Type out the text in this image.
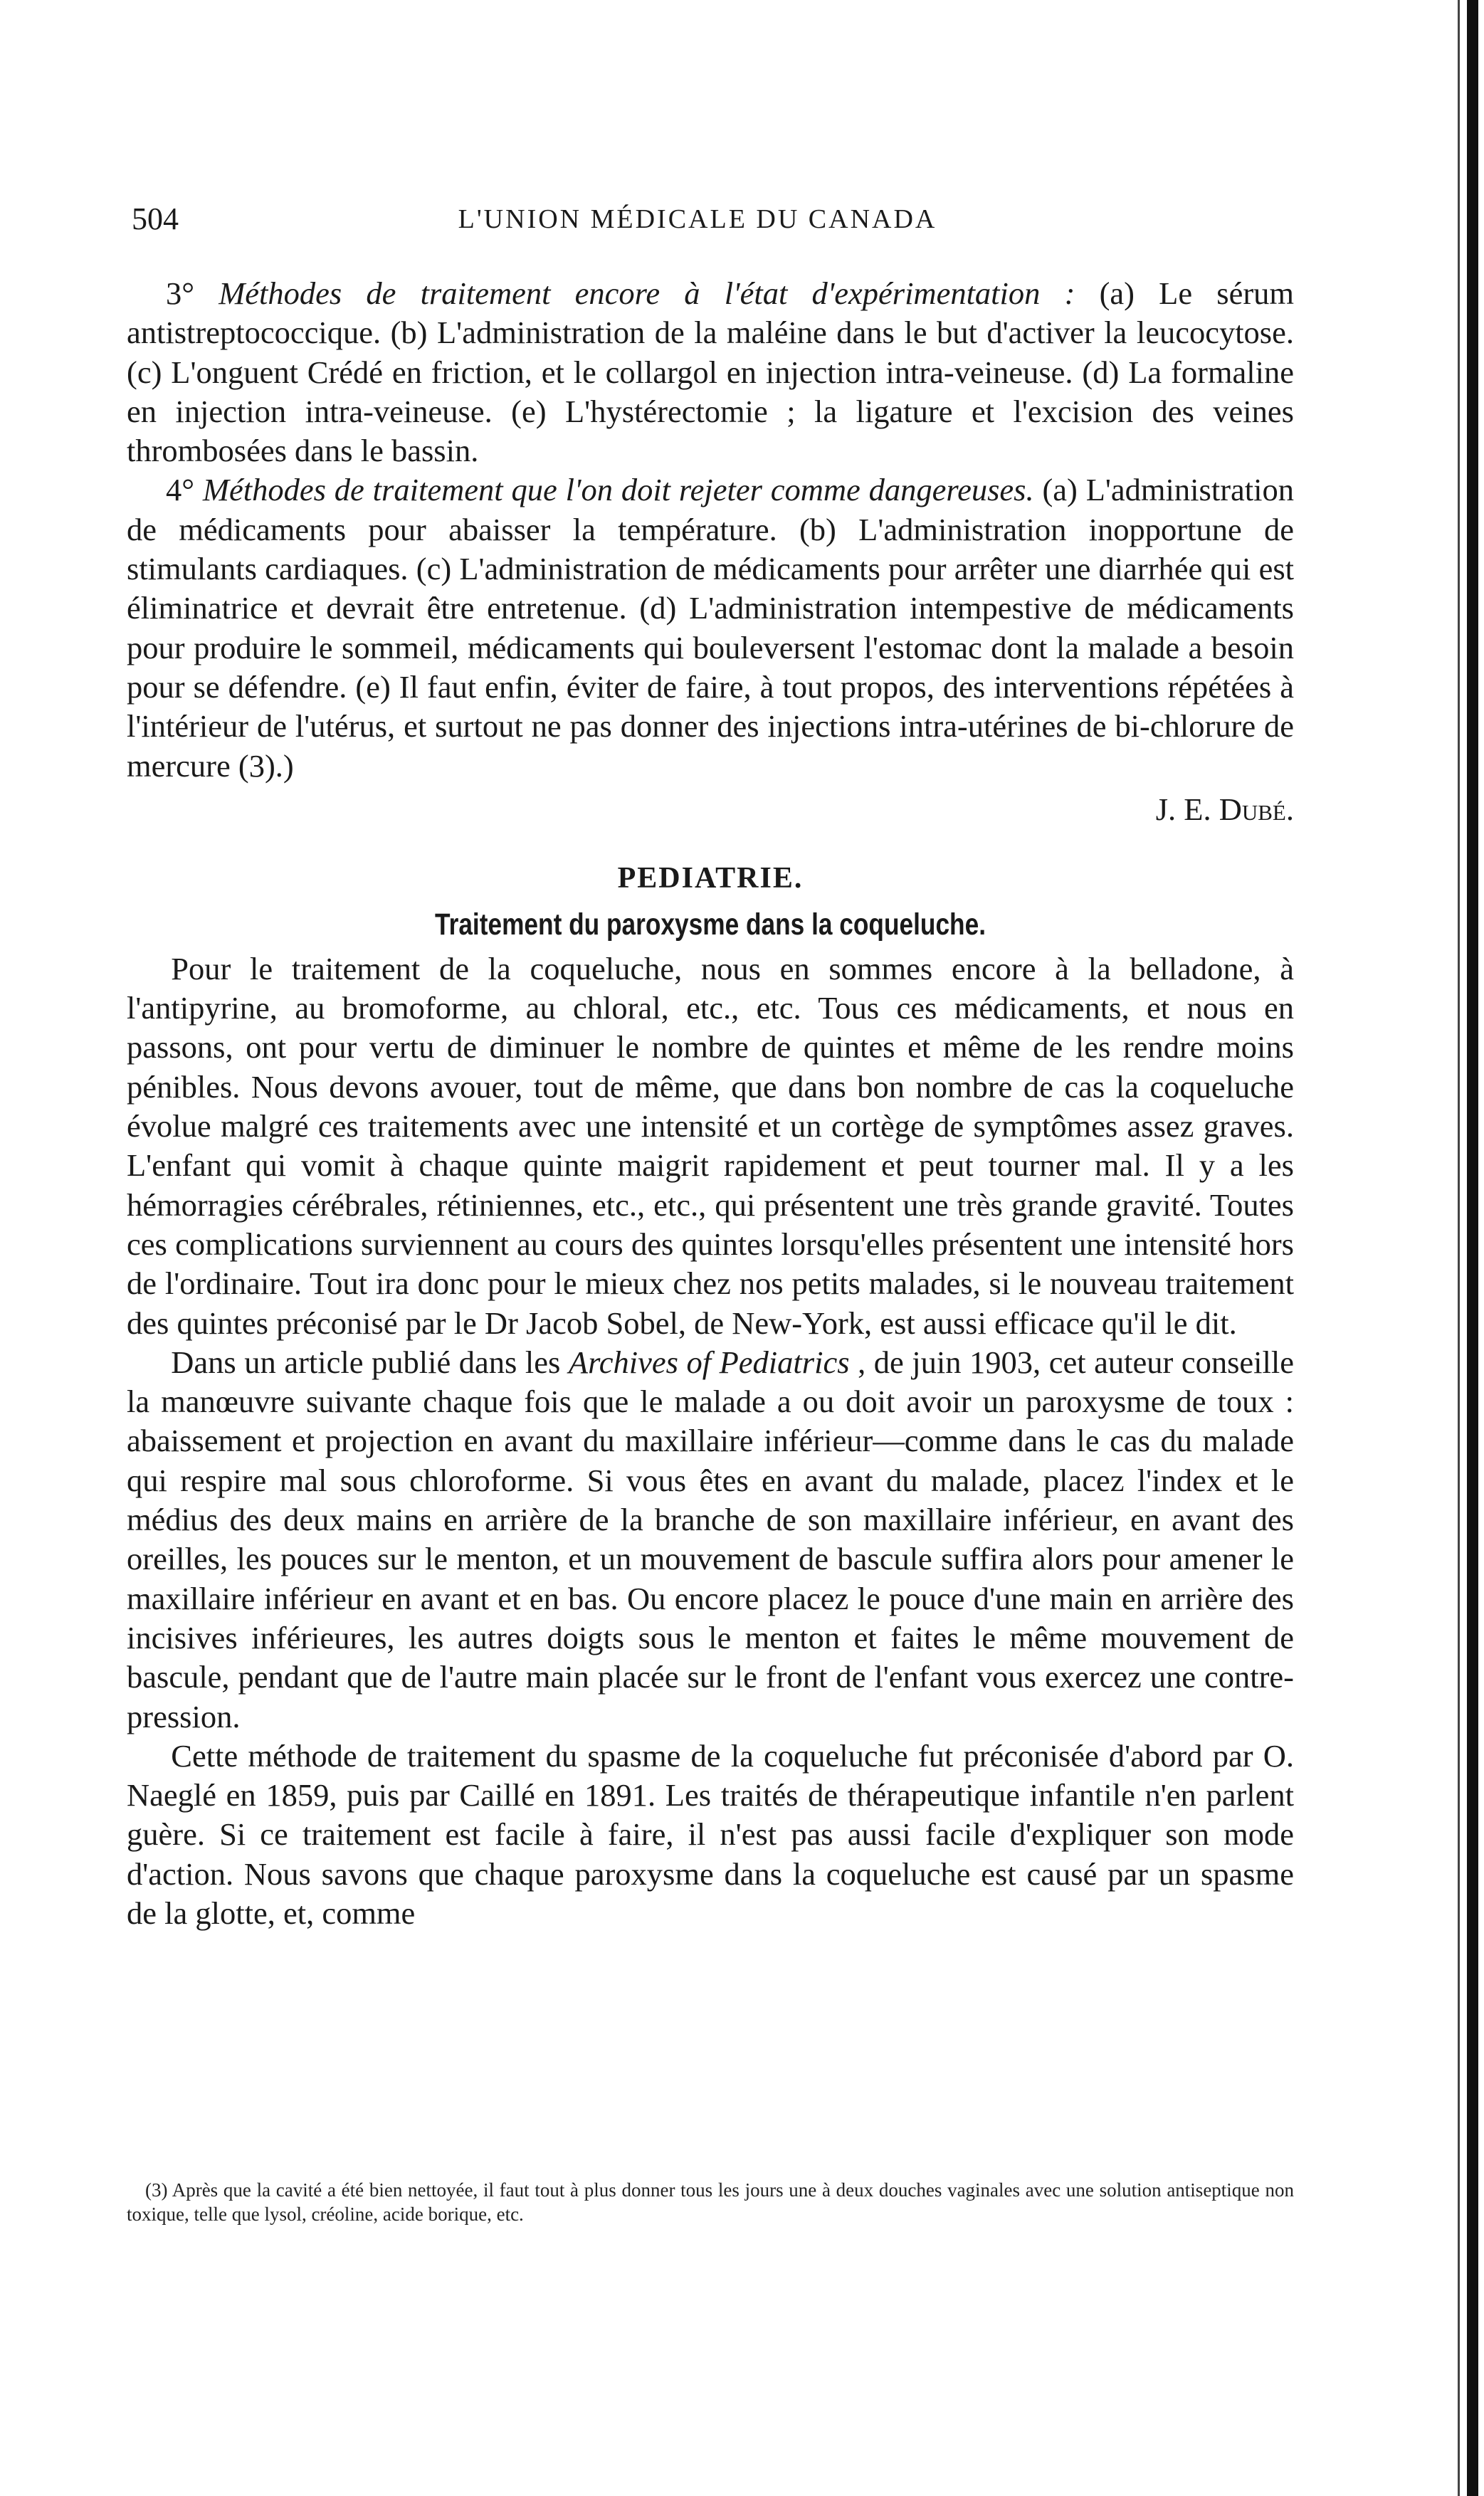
504	L'UNION MÉDICALE DU CANADA

3° Méthodes de traitement encore à l'état d'expérimentation : (a) Le sérum antistreptococcique. (b) L'administration de la maléine dans le but d'activer la leucocytose. (c) L'onguent Crédé en friction, et le collargol en injection intra-veineuse. (d) La formaline en injection intra-veineuse. (e) L'hystérectomie ; la ligature et l'excision des veines thrombosées dans le bassin.

4° Méthodes de traitement que l'on doit rejeter comme dangereuses. (a) L'administration de médicaments pour abaisser la température. (b) L'administration inopportune de stimulants cardiaques. (c) L'administration de médicaments pour arrêter une diarrhée qui est éliminatrice et devrait être entretenue. (d) L'administration intempestive de médicaments pour produire le sommeil, médicaments qui bouleversent l'estomac dont la malade a besoin pour se défendre. (e) Il faut enfin, éviter de faire, à tout propos, des interventions répétées à l'intérieur de l'utérus, et surtout ne pas donner des injections intra-utérines de bi-chlorure de mercure (3).)

J. E. Dubé.

PEDIATRIE.
Traitement du paroxysme dans la coqueluche.

Pour le traitement de la coqueluche, nous en sommes encore à la belladone, à l'antipyrine, au bromoforme, au chloral, etc., etc. Tous ces médicaments, et nous en passons, ont pour vertu de diminuer le nombre de quintes et même de les rendre moins pénibles. Nous devons avouer, tout de même, que dans bon nombre de cas la coqueluche évolue malgré ces traitements avec une intensité et un cortège de symptômes assez graves. L'enfant qui vomit à chaque quinte maigrit rapidement et peut tourner mal. Il y a les hémorragies cérébrales, rétiniennes, etc., etc., qui présentent une très grande gravité. Toutes ces complications surviennent au cours des quintes lorsqu'elles présentent une intensité hors de l'ordinaire. Tout ira donc pour le mieux chez nos petits malades, si le nouveau traitement des quintes préconisé par le Dr Jacob Sobel, de New-York, est aussi efficace qu'il le dit.

Dans un article publié dans les Archives of Pediatrics , de juin 1903, cet auteur conseille la manœuvre suivante chaque fois que le malade a ou doit avoir un paroxysme de toux : abaissement et projection en avant du maxillaire inférieur—comme dans le cas du malade qui respire mal sous chloroforme. Si vous êtes en avant du malade, placez l'index et le médius des deux mains en arrière de la branche de son maxillaire inférieur, en avant des oreilles, les pouces sur le menton, et un mouvement de bascule suffira alors pour amener le maxillaire inférieur en avant et en bas. Ou encore placez le pouce d'une main en arrière des incisives inférieures, les autres doigts sous le menton et faites le même mouvement de bascule, pendant que de l'autre main placée sur le front de l'enfant vous exercez une contre-pression.

Cette méthode de traitement du spasme de la coqueluche fut préconisée d'abord par O. Naeglé en 1859, puis par Caillé en 1891. Les traités de thérapeutique infantile n'en parlent guère. Si ce traitement est facile à faire, il n'est pas aussi facile d'expliquer son mode d'action. Nous savons que chaque paroxysme dans la coqueluche est causé par un spasme de la glotte, et, comme

(3) Après que la cavité a été bien nettoyée, il faut tout à plus donner tous les jours une à deux douches vaginales avec une solution antiseptique non toxique, telle que lysol, créoline, acide borique, etc.
